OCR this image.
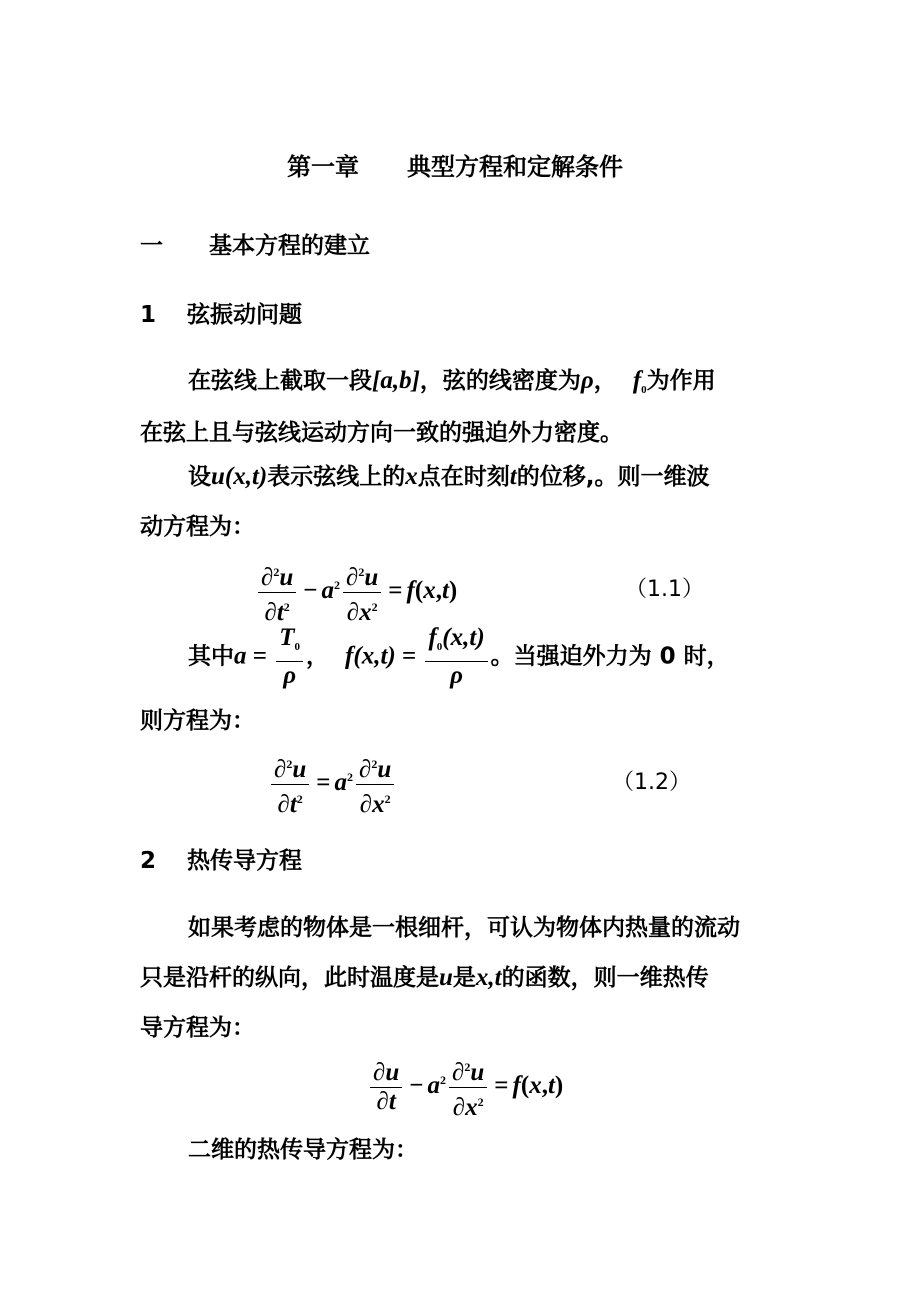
第一章　　典型方程和定解条件
一　　基本方程的建立
1　 弦振动问题
在弦线上截取一段[a,b]，弦的线密度为ρ， $f_0$为作用
在弦上且与弦线运动方向一致的强迫外力密度。
设u(x,t)表示弦线上的x点在时刻t的位移,。则一维波
动方程为：
$\frac{\partial^2u}{\partial t^2} - a^2 \frac{\partial^2u}{\partial x^2} = f(x,t)$	（1.1）
其中$a = \frac{T_0}{\rho}$ ， $f(x,t) = \frac{f_0(x,t)}{\rho}$ 。当强迫外力为 0 时，
则方程为：
$\frac{\partial^2u}{\partial t^2} = a^2 \frac{\partial^2u}{\partial x^2}$	（1.2）
2　 热传导方程
如果考虑的物体是一根细杆，可认为物体内热量的流动
只是沿杆的纵向，此时温度是u是x,t的函数，则一维热传
导方程为：
$\frac{\partial u}{\partial t} - a^2 \frac{\partial^2u}{\partial x^2} = f(x,t)$
二维的热传导方程为：
